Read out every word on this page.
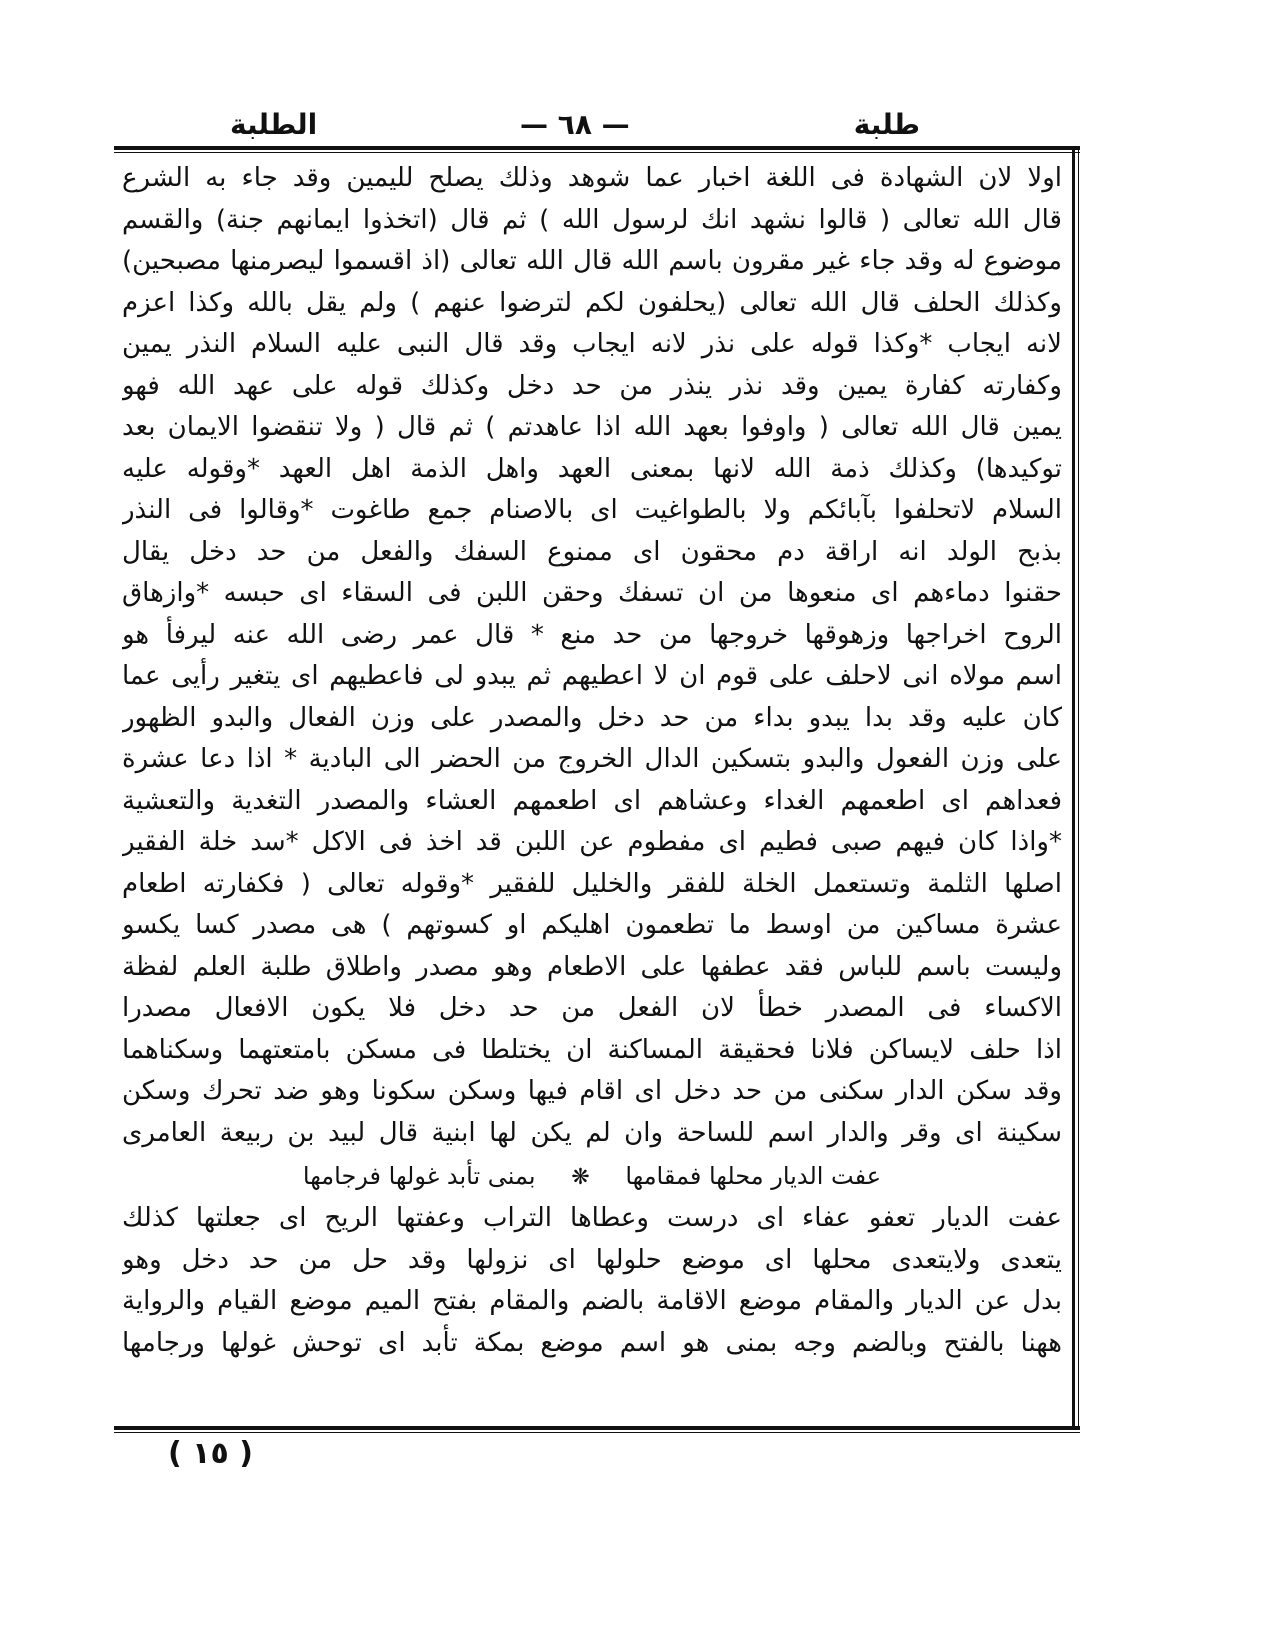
الطلبة	— ٦٨ —	طلبة
اولا لان الشهادة فى اللغة اخبار عما شوهد وذلك يصلح لليمين وقد جاء به الشرع
قال الله تعالى ( قالوا نشهد انك لرسول الله ) ثم قال (اتخذوا ايمانهم جنة) والقسم
موضوع له وقد جاء غير مقرون باسم الله قال الله تعالى (اذ اقسموا ليصرمنها مصبحين)
وكذلك الحلف قال الله تعالى (يحلفون لكم لترضوا عنهم ) ولم يقل بالله وكذا اعزم
لانه ايجاب *وكذا قوله على نذر لانه ايجاب وقد قال النبى عليه السلام النذر يمين
وكفارته كفارة يمين وقد نذر ينذر من حد دخل وكذلك قوله على عهد الله فهو
يمين قال الله تعالى ( واوفوا بعهد الله اذا عاهدتم ) ثم قال ( ولا تنقضوا الايمان بعد
توكيدها) وكذلك ذمة الله لانها بمعنى العهد واهل الذمة اهل العهد *وقوله عليه
السلام لاتحلفوا بآبائكم ولا بالطواغيت اى بالاصنام جمع طاغوت *وقالوا فى النذر
بذبح الولد انه اراقة دم محقون اى ممنوع السفك والفعل من حد دخل يقال
حقنوا دماءهم اى منعوها من ان تسفك وحقن اللبن فى السقاء اى حبسه *وازهاق
الروح اخراجها وزهوقها خروجها من حد منع * قال عمر رضى الله عنه ليرفأ هو
اسم مولاه انى لاحلف على قوم ان لا اعطيهم ثم يبدو لى فاعطيهم اى يتغير رأيى عما
كان عليه وقد بدا يبدو بداء من حد دخل والمصدر على وزن الفعال والبدو الظهور
على وزن الفعول والبدو بتسكين الدال الخروج من الحضر الى البادية * اذا دعا عشرة
فعداهم اى اطعمهم الغداء وعشاهم اى اطعمهم العشاء والمصدر التغدية والتعشية
*واذا كان فيهم صبى فطيم اى مفطوم عن اللبن قد اخذ فى الاكل *سد خلة الفقير
اصلها الثلمة وتستعمل الخلة للفقر والخليل للفقير *وقوله تعالى ( فكفارته اطعام
عشرة مساكين من اوسط ما تطعمون اهليكم او كسوتهم ) هى مصدر كسا يكسو
وليست باسم للباس فقد عطفها على الاطعام وهو مصدر واطلاق طلبة العلم لفظة
الاكساء فى المصدر خطأ لان الفعل من حد دخل فلا يكون الافعال مصدرا
اذا حلف لايساكن فلانا فحقيقة المساكنة ان يختلطا فى مسكن بامتعتهما وسكناهما
وقد سكن الدار سكنى من حد دخل اى اقام فيها وسكن سكونا وهو ضد تحرك وسكن
سكينة اى وقر والدار اسم للساحة وان لم يكن لها ابنية قال لبيد بن ربيعة العامرى
عفت الديار محلها فمقامها ❋ بمنى تأبد غولها فرجامها
عفت الديار تعفو عفاء اى درست وعطاها التراب وعفتها الريح اى جعلتها كذلك
يتعدى ولايتعدى محلها اى موضع حلولها اى نزولها وقد حل من حد دخل وهو
بدل عن الديار والمقام موضع الاقامة بالضم والمقام بفتح الميم موضع القيام والرواية
ههنا بالفتح وبالضم وجه بمنى هو اسم موضع بمكة تأبد اى توحش غولها ورجامها
( ١٥ )
